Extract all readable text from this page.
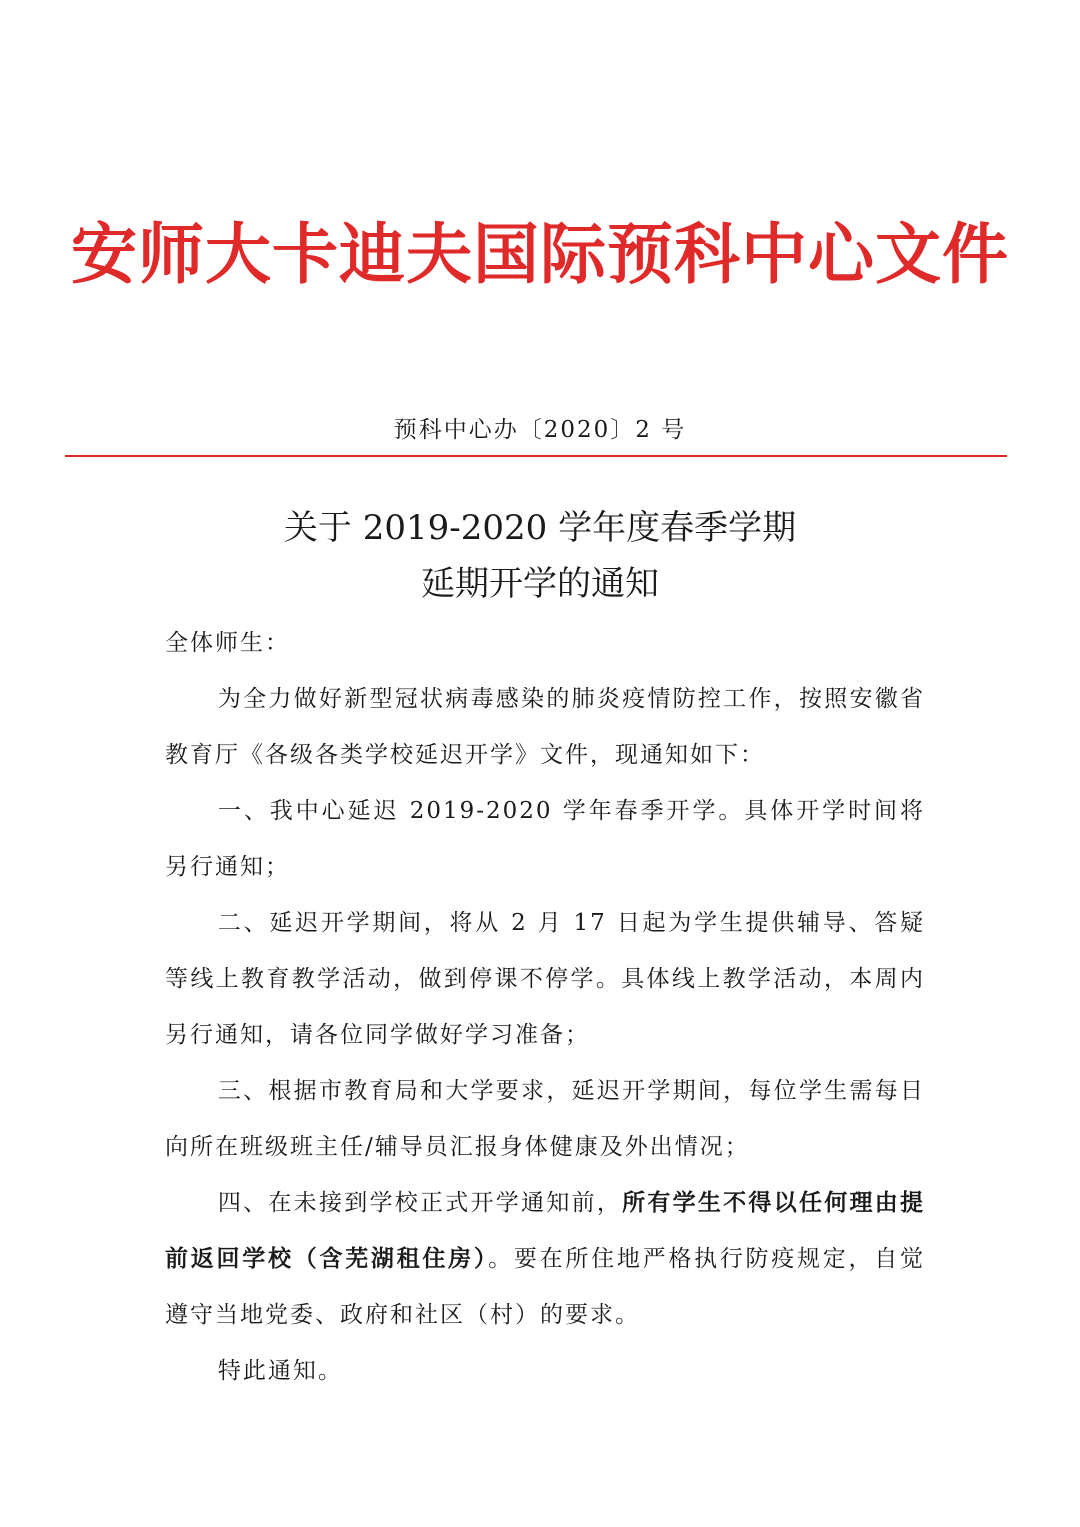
安师大卡迪夫国际预科中心文件
预科中心办〔2020〕2 号
关于 2019-2020 学年度春季学期
延期开学的通知

全体师生：

为全力做好新型冠状病毒感染的肺炎疫情防控工作，按照安徽省教育厅《各级各类学校延迟开学》文件，现通知如下：

一、我中心延迟 2019-2020 学年春季开学。具体开学时间将另行通知；

二、延迟开学期间，将从 2 月 17 日起为学生提供辅导、答疑等线上教育教学活动，做到停课不停学。具体线上教学活动，本周内另行通知，请各位同学做好学习准备；

三、根据市教育局和大学要求，延迟开学期间，每位学生需每日向所在班级班主任/辅导员汇报身体健康及外出情况；

四、在未接到学校正式开学通知前，所有学生不得以任何理由提前返回学校（含芜湖租住房）。要在所住地严格执行防疫规定，自觉遵守当地党委、政府和社区（村）的要求。

特此通知。
